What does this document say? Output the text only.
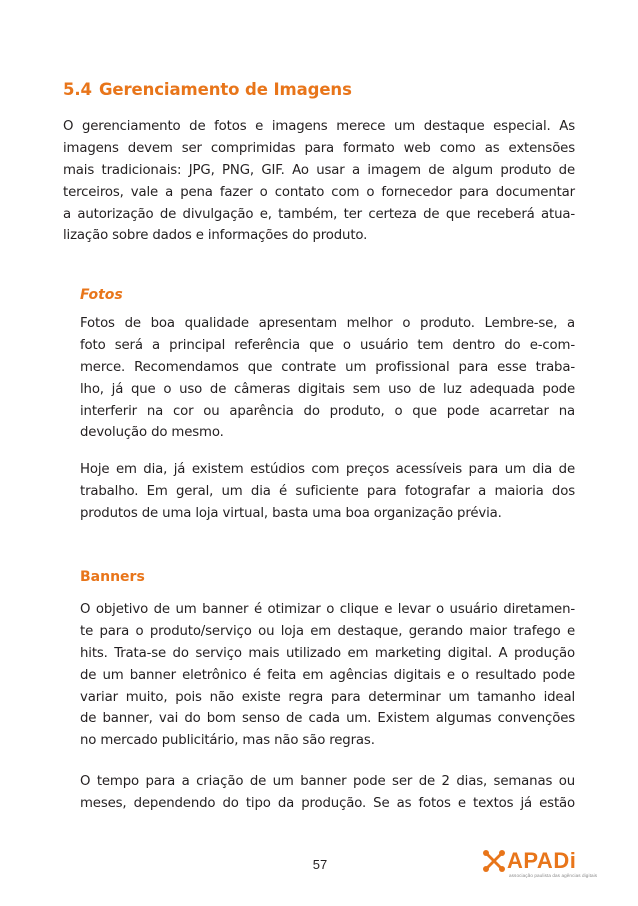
5.4 Gerenciamento de Imagens
O gerenciamento de fotos e imagens merece um destaque especial. As
imagens devem ser comprimidas para formato web como as extensões
mais tradicionais: JPG, PNG, GIF. Ao usar a imagem de algum produto de
terceiros, vale a pena fazer o contato com o fornecedor para documentar
a autorização de divulgação e, também, ter certeza de que receberá atua-
lização sobre dados e informações do produto.
Fotos
Fotos de boa qualidade apresentam melhor o produto. Lembre-se, a
foto será a principal referência que o usuário tem dentro do e-com-
merce. Recomendamos que contrate um profissional para esse traba-
lho, já que o uso de câmeras digitais sem uso de luz adequada pode
interferir na cor ou aparência do produto, o que pode acarretar na
devolução do mesmo.
Hoje em dia, já existem estúdios com preços acessíveis para um dia de
trabalho. Em geral, um dia é suficiente para fotografar a maioria dos
produtos de uma loja virtual, basta uma boa organização prévia.
Banners
O objetivo de um banner é otimizar o clique e levar o usuário diretamen-
te para o produto/serviço ou loja em destaque, gerando maior trafego e
hits. Trata-se do serviço mais utilizado em marketing digital. A produção
de um banner eletrônico é feita em agências digitais e o resultado pode
variar muito, pois não existe regra para determinar um tamanho ideal
de banner, vai do bom senso de cada um. Existem algumas convenções
no mercado publicitário, mas não são regras.
O tempo para a criação de um banner pode ser de 2 dias, semanas ou
meses, dependendo do tipo da produção. Se as fotos e textos já estão
57	APADi
associação paulista das agências digitais
